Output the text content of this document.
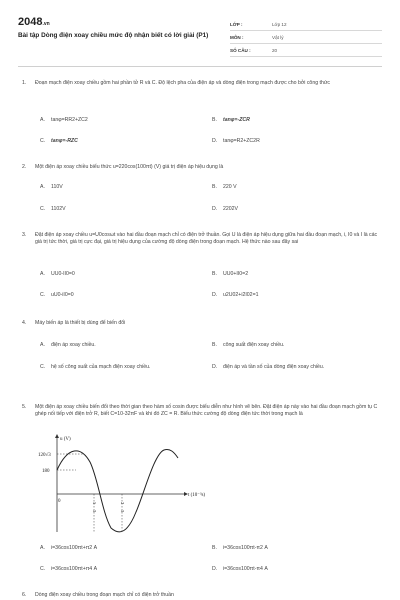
2048.vn
Bài tập Dòng điện xoay chiều mức độ nhận biết có lời giải (P1)
LỚP :	Lớp 12
MÔN :	Vật lý
SỐ CÂU :	20
1. Đoạn mạch điện xoay chiều gồm hai phần tử R và C. Độ lệch pha của điện áp và dòng điện trong mạch được cho bởi công thức
A. tanφ=RR2+ZC2	B. tanφ=-ZCR
C. tanφ=-RZC	D. tanφ=R2+ZC2R
2. Một điện áp xoay chiều biểu thức u=220cos(100πt) (V) giá trị điện áp hiệu dụng là
A. 110V	B. 220 V
C. 1102V	D. 2202V
3. Đặt điện áp xoay chiều u=U0cosωt vào hai đầu đoạn mạch chỉ có điện trở thuần. Gọi U là điện áp hiệu dụng giữa hai đầu đoạn mạch, i, I0 và I là các giá trị tức thời, giá trị cực đại, giá trị hiệu dụng của cường độ dòng điện trong đoạn mạch. Hệ thức nào sau đây sai
A. UU0-II0=0	B. UU0+II0=2
C. uU0-iI0=0	D. u2U02+i2I02=1
4. Máy biến áp là thiết bị dùng để biến đổi
A. điện áp xoay chiều.	B. công suất điện xoay chiều.
C.	hệ số công suất của mạch điện xoay chiều.	D.	điện áp và tần số của dòng điện xoay chiều.
5. Một điện áp xoay chiều biến đổi theo thời gian theo hàm số cosin được biểu diễn như hình vẽ bên. Đặt điện áp này vào hai đầu đoạn mạch gồm tụ C ghép nối tiếp với điện trở R, biết C=10-32πF và khi đó ZC = R. Biểu thức cường độ dòng điện tức thời trong mạch là
u (V)
t (10⁻³s)
120√3
180
0	5
3
2
3
A. i=36cos100πt+π2 A	B. i=36cos100πt-π2 A
C. i=36cos100πt+π4 A	D. i=36cos100πt-π4 A
6. Dòng điện xoay chiều trong đoạn mạch chỉ có điện trở thuần
